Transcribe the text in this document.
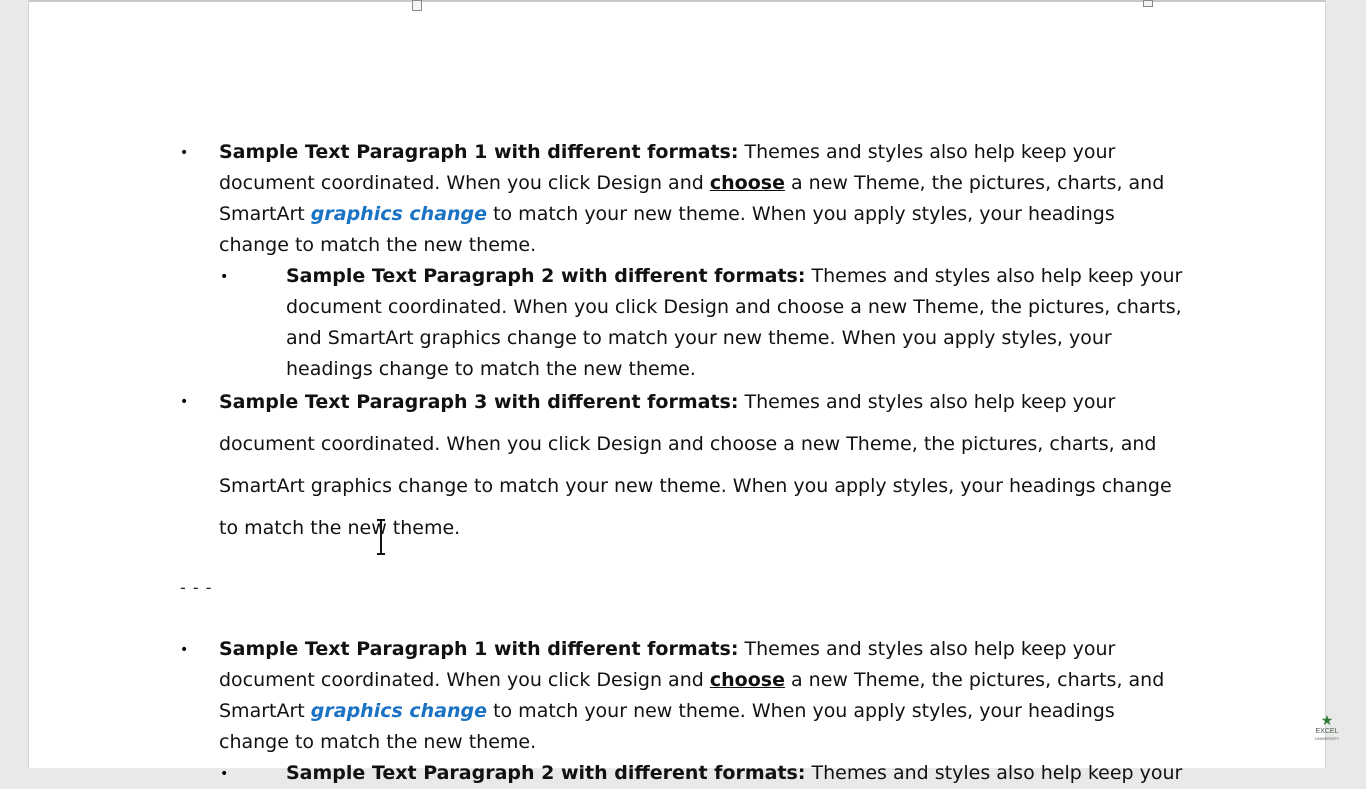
• Sample Text Paragraph 1 with different formats: Themes and styles also help keep your document coordinated. When you click Design and choose a new Theme, the pictures, charts, and SmartArt graphics change to match your new theme. When you apply styles, your headings change to match the new theme.

•	Sample Text Paragraph 2 with different formats: Themes and styles also help keep your document coordinated. When you click Design and choose a new Theme, the pictures, charts, and SmartArt graphics change to match your new theme. When you apply styles, your headings change to match the new theme.

• Sample Text Paragraph 3 with different formats: Themes and styles also help keep your document coordinated. When you click Design and choose a new Theme, the pictures, charts, and SmartArt graphics change to match your new theme. When you apply styles, your headings change to match the new theme.

- - -
• Sample Text Paragraph 1 with different formats: Themes and styles also help keep your document coordinated. When you click Design and choose a new Theme, the pictures, charts, and SmartArt graphics change to match your new theme. When you apply styles, your headings change to match the new theme.

•	Sample Text Paragraph 2 with different formats: Themes and styles also help keep your

★
EXCEL
UNIVERSITY
